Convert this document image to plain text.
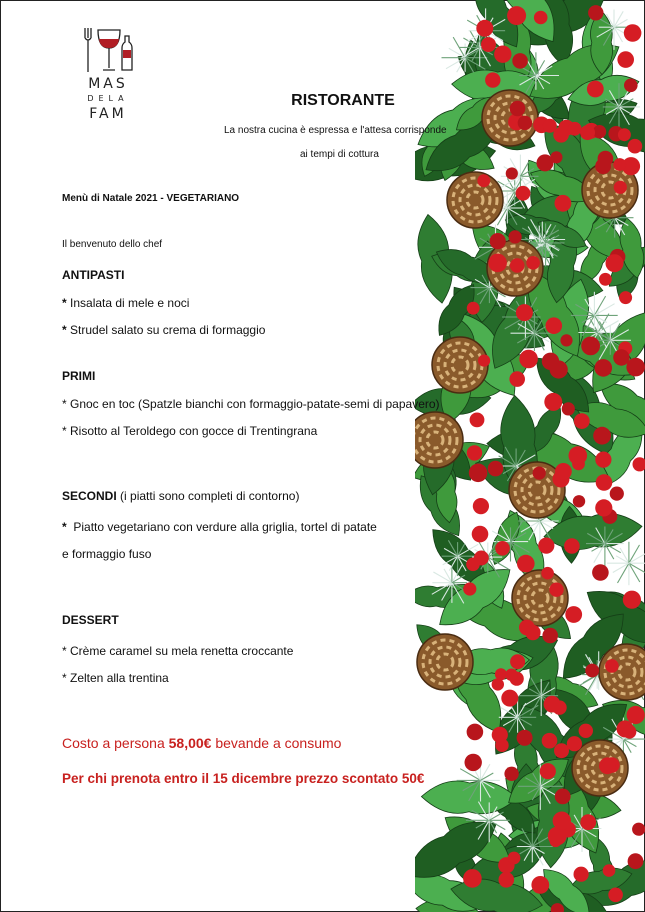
MAS
DELA
FAM
RISTORANTE
La nostra cucina è espressa e l'attesa corrisponde
ai tempi di cottura
Menù di Natale 2021 - VEGETARIANO
Il benvenuto dello chef
ANTIPASTI
* Insalata di mele e noci
* Strudel salato su crema di formaggio
PRIMI
* Gnoc en toc (Spatzle bianchi con formaggio-patate-semi di papavero)
* Risotto al Teroldego con gocce di Trentingrana
SECONDI (i piatti sono completi di contorno)
* Piatto vegetariano con verdure alla griglia, tortel di patate
e formaggio fuso
DESSERT
* Crème caramel su mela renetta croccante
* Zelten alla trentina
Costo a persona 58,00€ bevande a consumo
Per chi prenota entro il 15 dicembre prezzo scontato 50€
